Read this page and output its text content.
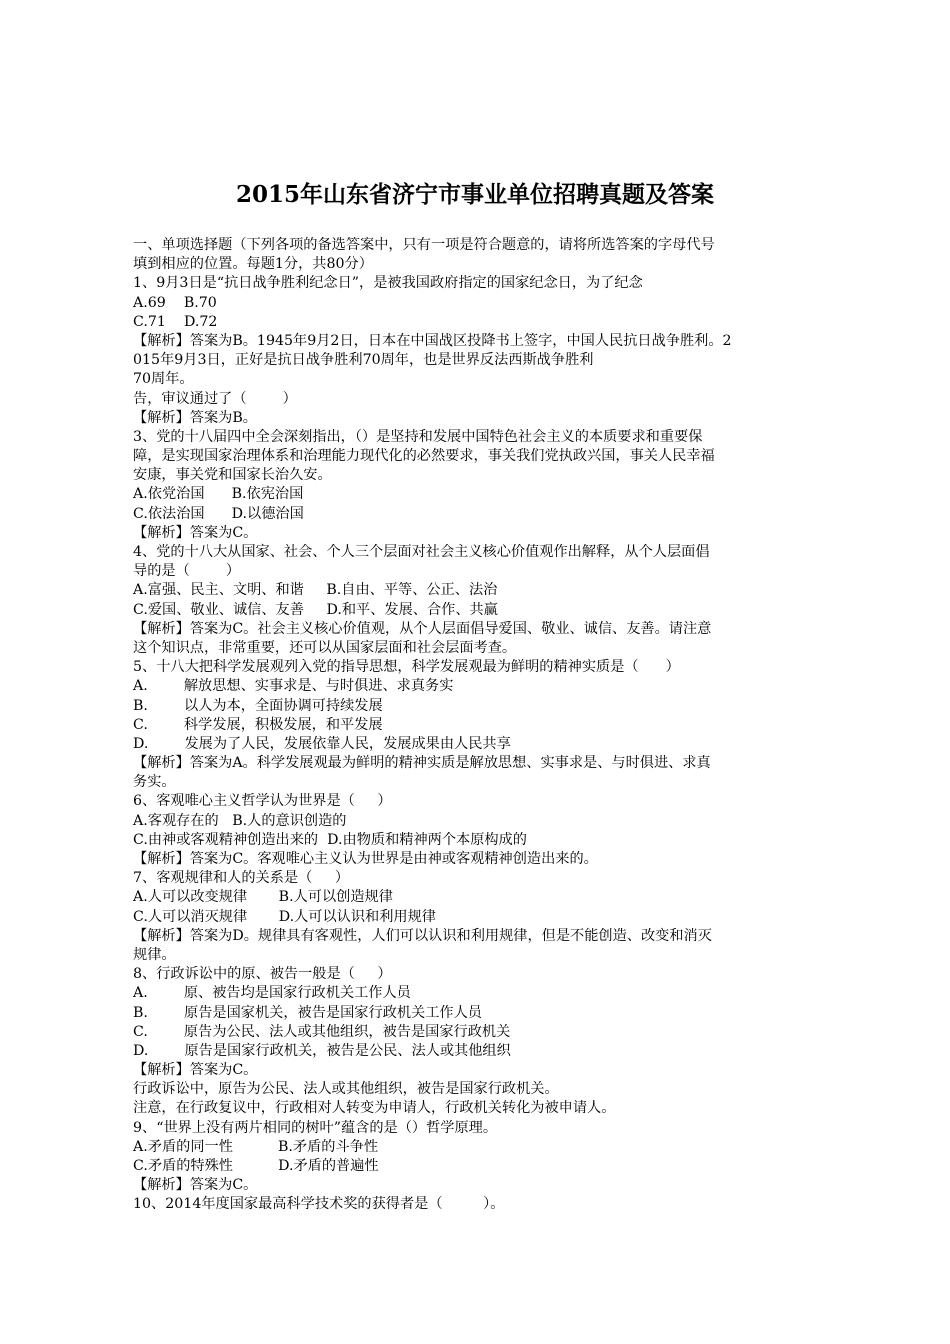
2015年山东省济宁市事业单位招聘真题及答案
一、单项选择题（下列各项的备选答案中，只有一项是符合题意的，请将所选答案的字母代号
填到相应的位置。每题1分，共80分）
1、9月3日是“抗日战争胜利纪念日”，是被我国政府指定的国家纪念日，为了纪念
A.69    B.70
C.71    D.72
【解析】答案为B。1945年9月2日，日本在中国战区投降书上签字，中国人民抗日战争胜利。2
015年9月3日，正好是抗日战争胜利70周年，也是世界反法西斯战争胜利
70周年。
告，审议通过了（        ）
【解析】答案为B。
3、党的十八届四中全会深刻指出，（）是坚持和发展中国特色社会主义的本质要求和重要保
障，是实现国家治理体系和治理能力现代化的必然要求，事关我们党执政兴国，事关人民幸福
安康，事关党和国家长治久安。
A.依党治国      B.依宪治国
C.依法治国      D.以德治国
【解析】答案为C。
4、党的十八大从国家、社会、个人三个层面对社会主义核心价值观作出解释，从个人层面倡
导的是（        ）
A.富强、民主、文明、和谐     B.自由、平等、公正、法治
C.爱国、敬业、诚信、友善     D.和平、发展、合作、共赢
【解析】答案为C。社会主义核心价值观，从个人层面倡导爱国、敬业、诚信、友善。请注意
这个知识点，非常重要，还可以从国家层面和社会层面考查。
5、十八大把科学发展观列入党的指导思想，科学发展观最为鲜明的精神实质是（      ）
A.        解放思想、实事求是、与时俱进、求真务实
B.        以人为本，全面协调可持续发展
C.        科学发展，积极发展，和平发展
D.        发展为了人民，发展依靠人民，发展成果由人民共享
【解析】答案为A。科学发展观最为鲜明的精神实质是解放思想、实事求是、与时俱进、求真
务实。
6、客观唯心主义哲学认为世界是（     ）
A.客观存在的   B.人的意识创造的
C.由神或客观精神创造出来的  D.由物质和精神两个本原构成的
【解析】答案为C。客观唯心主义认为世界是由神或客观精神创造出来的。
7、客观规律和人的关系是（     ）
A.人可以改变规律       B.人可以创造规律
C.人可以消灭规律       D.人可以认识和利用规律
【解析】答案为D。规律具有客观性，人们可以认识和利用规律，但是不能创造、改变和消灭
规律。
8、行政诉讼中的原、被告一般是（     ）
A.        原、被告均是国家行政机关工作人员
B.        原告是国家机关，被告是国家行政机关工作人员
C.        原告为公民、法人或其他组织，被告是国家行政机关
D.        原告是国家行政机关，被告是公民、法人或其他组织
【解析】答案为C。
行政诉讼中，原告为公民、法人或其他组织，被告是国家行政机关。
注意，在行政复议中，行政相对人转变为申请人，行政机关转化为被申请人。
9、“世界上没有两片相同的树叶”蕴含的是（）哲学原理。
A.矛盾的同一性          B.矛盾的斗争性
C.矛盾的特殊性          D.矛盾的普遍性
【解析】答案为C。
10、2014年度国家最高科学技术奖的获得者是（         ）。
